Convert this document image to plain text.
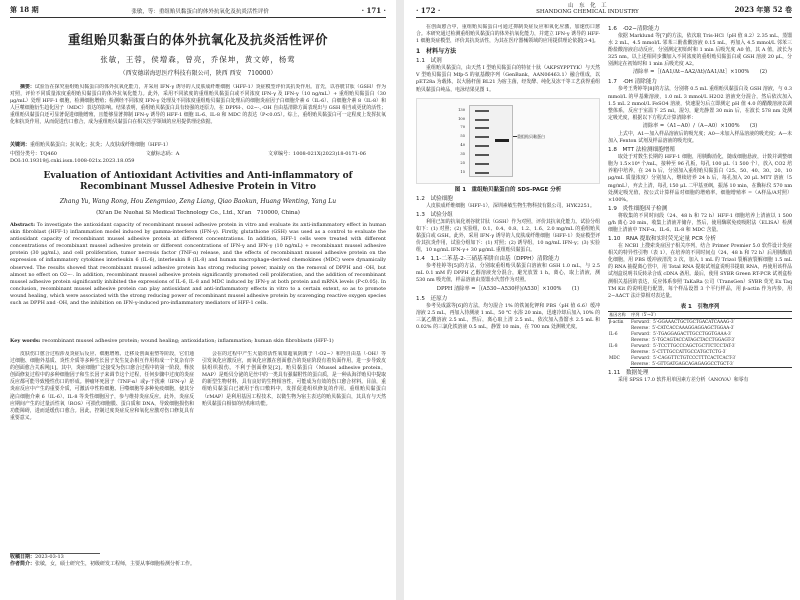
第 18 期	张敏，等：重组贻贝黏蛋白的体外抗氧化及抗炎活性评价	· 171 ·
重组贻贝黏蛋白的体外抗氧化及抗炎活性评价
张敏，王蓉，侯增森，曾亮，乔保坤，黄文婷，杨莺
（西安德诺海思医疗科技有限公司，陕西 西安　710000）
摘要：试验旨在探究重组贻贝黏蛋白的体外抗氧化能力，并采用 IFN-γ 诱导的人皮肤成纤维细胞（HFF-1）炎症模型评价其抗炎作用。首先，以谷胱甘肽（GSH）作为对照，评价不同质量浓度重组贻贝黏蛋白的体外抗氧化能力。此外，采用不同浓度的重组贻贝黏蛋白或不同浓度 IFN-γ 及 IFN-γ（10 ng/mL）+ 重组贻贝黏蛋白（30 μg/mL）处理 HFF-1 细胞，检测细胞增殖；检测经不同浓度 IFN-γ 处理及不同浓度重组贻贝黏蛋白处理后的细胞炎症因子白细胞介素 6（IL-6）、白细胞介素 8（IL-8）和人巨噬细胞衍生趋化因子（MDC）表达的影响。结果表明，重组贻贝黏蛋白具有较强的还原力，在 DPPH·、O2−·、·OH 自由基清除方面表现出与 GSH 相当或更优的活性；重组贻贝黏蛋白还可显著促进细胞增殖，且能够显著抑制 IFN-γ 诱导的 HFF-1 细胞 IL-6、IL-8 和 MDC 的表达（P<0.05）。综上，重组贻贝黏蛋白可一定程度上发挥抗氧化和抗炎作用，从而促进伤口愈合，成为重组贻贝黏蛋白在相关医学领域的应用提供理论依据。
关键词：重组贻贝黏蛋白；抗氧化；抗炎；人皮肤成纤维细胞（HFF-1）
中图分类号：TQ460	文献标志码：A	文章编号：1008-021X(2023)18-0171-06
DOI:10.19319/j.cnki.issn.1008-021x.2023.18.059
Evaluation of Antioxidant Activities and Anti-inflammatory of Recombinant Mussel Adhesive Protein in Vitro
Zhang Yu, Wang Rong, Hou Zengmiao, Zeng Liang, Qiao Baokun, Huang Wenting, Yang Lu
(Xi'an De Nuohai Si Medical Technology Co., Ltd., Xi'an　710000, China)
Abstract: To investigate the antioxidant capacity of recombinant mussel adhesive protein in vitro and evaluate its anti-inflammatory effect in human skin fibroblast (HFF-1) inflammation model induced by gamma-interferon (IFN-γ). Firstly, glutathione (GSH) was used as a control to evaluate the antioxidant capacity of recombinant mussel adhesive protein at different concentrations. In addition, HFF-1 cells were treated with different concentrations of recombinant mussel adhesive protein or different concentrations of IFN-γ and IFN-γ (10 ng/mL) + recombinant mussel adhesive protein (30 μg/mL), and cell proliferation, tumor necrosis factor (TNF-α) release, and the effects of recombinant mussel adhesive protein on the expression of inflammatory cytokines interleukin 6 (IL-6), interleukin 8 (IL-8) and human macrophage-derived chemokines (MDC) were dynamically observed. The results showed that recombinant mussel adhesive protein has strong reducing power, mainly on the removal of DPPH and ·OH, but almost no effect on O2−·. In addition, recombinant mussel adhesive protein significantly promoted cell proliferation, and the addition of recombinant mussel adhesive protein significantly inhibited the expressions of IL-6, IL-8 and MDC induced by IFN-γ at both protein and mRNA levels (P<0.05). In conclusion, recombinant mussel adhesive protein can play antioxidant and anti-inflammatory effects in vitro to a certain extent, so as to promote wound healing, which were associated with the strong reducing power of recombinant mussel adhesive protein by scavenging reactive oxygen species such as DPPH and ·OH, and the inhibition on IFN-γ-induced pro-inflammatory mediators of HFF-1 cells.
Key words: recombinant mussel adhesive protein; wound healing; antioxidation; inflammation; human skin fibroblasts (HFF-1)

皮肤伤口愈合过程涉及炎症后反应、细胞增殖、迁移及创面重塑等阶段，它们通过细胞、细胞外基质、炎性介质等多种生长因子发生复杂相互作用构成一个复杂有序的创面愈合关系网[1]。其中，炎症细胞广泛接受为伤口愈合过程中的第一阶段，释放创面修复过程中的多种细胞因子和生长因子来调节这个过程，任何步骤中过度的炎症反应都可能导致慢性伤口的形成。肿瘤坏死因子（TNF-α）或γ-干扰素（IFN-γ）是炎症反应中产生的重要介质，可激活中性粒细胞、巨噬细胞等多种免疫细胞，使其分泌白细胞介素 6（IL-6）、IL-8 等炎性细胞因子，参与维持炎症反应。此外，炎症反应期间产生的过量活性氧（ROS）可损伤细胞膜、蛋白质和 DNA，导致细胞损伤和功能障碍，进而延缓伤口愈合。因此，控制过度炎症反应和氧化应激对伤口修复具有重要意义。

会在的过程中产生大量的活性氧如超氧阴离子（·O2−）和羟自由基（·OH）等引发氧化应激反应，而氧化应激在创面愈合的炎症阶段有着负面作用，进一步导致皮肤组织损伤。不利于创面修复[2]。贻贝黏蛋白（Mussel adhesive protein，MAP）是贻贝分泌的足丝中的一类具有强黏附性的蛋白质，是一种从海洋贻贝中提取的新型生物材料，具有良好的生物相容性，可能成为有效的伤口愈合材料。目前，重组贻贝黏蛋白已被用于伤口敷料中，发挥促进组织修复的作用。重组贻贝黏蛋白（rMAP）是利用基因工程技术，以微生物为宿主表达的贻贝黏蛋白，其具有与天然贻贝黏蛋白相似的结构和功能。

收稿日期：2023-03-13
作者简介：张敏，女，硕士研究生，初级研发工程师，主要从事细胞检测分析工作。
· 172 ·	山　东　化　工
SHANDONG CHEMICAL INDUSTRY	2023 年第 52 卷

在创面愈合中，重组贻贝黏蛋白可通过抑制炎症反应和氧化应激，加速伤口愈合。本研究通过检测重组贻贝黏蛋白的体外抗氧化能力，并建立 IFN-γ 诱导的 HFF-1 细胞炎症模型，评价其抗炎活性，为其在医疗器械领域的应用提供理论依据[3-4]。

1　材料与方法
1.1　试剂

重组贻贝黏蛋白，由天然 I 型贻贝黏蛋白的特征十肽（AKPSYPPTYK）与天然 V 型贻贝黏蛋白 Mfp-5 的氨基酸序列（GenBank，AAN06463.1）融合组成，以 pET28a 为载体，以大肠杆菌 BL21 为宿主菌，经发酵、纯化及冻干等工艺获得重组贻贝黏蛋白纯品，电泳结果见图 1。

130
100
70
55
40
35
25
15
重组贻贝黏蛋白
图 1　重组贻贝黏蛋白的 SDS-PAGE 分析
1.2　试验细胞

人皮肤成纤维细胞（HFF-1），深圳素敏生物生物科技有限公司，HYK2251。

1.3　试验分组

利用已知的抗氧化剂谷胱甘肽（GSH）作为对照，评价其抗氧化能力。试验分组如下：(1) 对照；(2) 实验组，0.1、0.4、0.8、1.2、1.6、2.0 mg/mL 的重组贻贝黏蛋白或 GSH。此外，采用 IFN-γ 诱导的人皮肤成纤维细胞（HFF-1）炎症模型评价其抗炎作用，试验分组如下：(1) 对照；(2) 诱导组，10 ng/mL IFN-γ；(3) 实验组，10 ng/mL IFN-γ+ 30 μg/mL 重组贻贝黏蛋白。

1.4　1,1-二苯基-2-三硝基苯肼自由基（DPPH）清除能力

参考桂婷等[5]的方法，分别取重组贻贝黏蛋白溶液和 GSH 1.0 mL，与 2.5 mL 0.1 mM 的 DPPH 乙醇溶液充分混合，避光放置 1 h。离心，取上清液，测 530 nm 吸光值，样品溶液由蒸馏水代替作为对照。

DPPH 清除率 =［(A530−A530样)/A530］×100%　　(1)
1.5　还原力

参考吴成露等[6]的方法，均匀混合 1% 的铁氰化钾和 PBS（pH 值 6.6）缓冲溶液 2.5 mL，再加入待测液 1 mL，50 ℃ 水浴 20 min，迅速冷却后加入 10% 的三氯乙酸溶液 2.5 mL，然后，离心取上清 2.5 mL，依次加入蒸馏水 2.5 mL 和 0.02% 的三氯化铁溶液 0.5 mL，静置 10 min，在 700 nm 处测吸光度。

1.6　·O2−清除能力

依据 Marklund 等[7]的方法，依次取 Tris-HCl（pH 值 8.2）2.35 mL、蒸馏水 2 mL、4.5 mmol/L 邻苯三酚盐酸溶液 0.15 mL，再加入 4.5 mmol/L 邻苯三酚盐酸溶液启动反应，分别测定初始时和 1 min 后吸光度 A0 值，其 A 值，波长为 325 nm。以上述相同步骤加入不同浓度的重组贻贝黏蛋白或 GSH 溶液 20 μL，分别测定在初始时和 1 min 后吸光度 A2。

清除率 =［(ΔA1/Δt−ΔA2/Δt)/ΔA1/Δt］×100%　　(2)
1.7　·OH 清除能力

参考王秀婷等[8]的方法，分别将 0.5 mL 重组贻贝黏蛋白及 GSH 溶液，与 0.3 mmol/L 的甲基紫溶液，1.0 mL 3 mmol/L H2O2 溶液充分混合，然后依次加入 1.5 mL 2 mmol/L FeSO4 溶液，快速混匀后立即测定 pH 值 4.0 的醋酸溶液以调整体系，反应于室温下 25 ml。混匀，避光静置 30 min 后，在波长 578 nm 处测定吸光度，根据以下方程式计算清除率：

清除率 =（A1−A0）/（A−A0）×100%　　(3)

上式中，A1—加入样品溶液后的吸光度；A0—未加入样品溶液的吸光度；A—未加入 Fenton 试剂及样品溶液的吸光度。

1.8　MTT 法检测细胞增殖

取处于对数生长期的 HFF-1 细胞，用胰酶消化，随成细胞悬液，计数并调整细胞为 1.5×10⁴ 个/mL，接种至 96 孔板，每孔 100 μL（1 500 个），放入 CO2 培养箱中培养，在 24 h 后，分别加入重组贻贝黏蛋白（25、50、40、30、20、10 μg/mL 质量浓度）分别加入，继续培养 24 h 后，每孔加入 20 μL MTT 溶液（5 mg/mL），弃去上清，每孔 150 μL 二甲基亚砜，振荡 10 min，在酶标仪 570 nm 处测定吸光值，按公式计算样品对细胞的增殖率。细胞增殖率 =（A样品/A对照）×100%。

1.9　炎性细胞因子检测

将收集的不同时间段（24、48 h 和 72 h）HFF-1 细胞培养上清液以 1 500 g/h 离心 20 min，收集上清液并储存，然后，使用酶联免疫吸附法（ELISA）检测细胞上清液中 TNF-α、IL-6、IL-8 和 MDC 含量。

1.10　RNA 提取和实时荧光定量 PCR 分析

在 NCBI 上搜索炎症因子相关序列，结合 Primer Premier 5.0 软件设计炎症相关的特异性引物（表 1），在培养的不同时间点（24、48 h 和 72 h）后用胰酶消化细胞，用 PBS 缓冲液清洗 3 次，加入 1 mL 的 Trizol 裂解液裂解细胞 1.5 mL 的 RNA 抽提离心管中，用 Total RNA 提取试剂盒说明书提取 RNA，再使用该样品试剂盒说明书反转录合成 cDNA 备用。最后，使用 SYBR Green RT-PCR 试剂盒检测相关基因的表达，反应体系参照 TaKaRa 公司（TransGen）SYBR 荧光 Ex Taq TM Kit 的说明进行配置，每个样品设置 3 个平行样品，用 β-actin 作为内参，用 2−ΔΔCT 法计算相对表达量。

表 1　引物序列
基因名称	序列（5′→3′）
β-actin	Forward：5′-GGAAACTGCTGCTGACATCAAAG-3′
	Reverse：5′-CATCACCAAAGGAGGAGCTGGAA-3′
IL-6	Forward：5′-TGAGGAGACTTGCCTGGTGAAA-3′
	Reverse：5′-TGCAGTACCATAGCTACCTGGAGT-3′
IL-8	Forward：5′-TCCTTGCCCAGCTGCTTCTCCTAT-3′
	Reverse：5′-CTTTGCCATTGCCATGCTCTG-3′
MDC	Forward：5′-CAGGTTCTGTCCCTTTCACTCACT-3′
	Reverse：5′-GTTGATGAGCAGAGAGGCCTGCT-3′
1.11　数据处理

采用 SPSS 17.0 软件用单因素方差分析（ANOVA）和零有
